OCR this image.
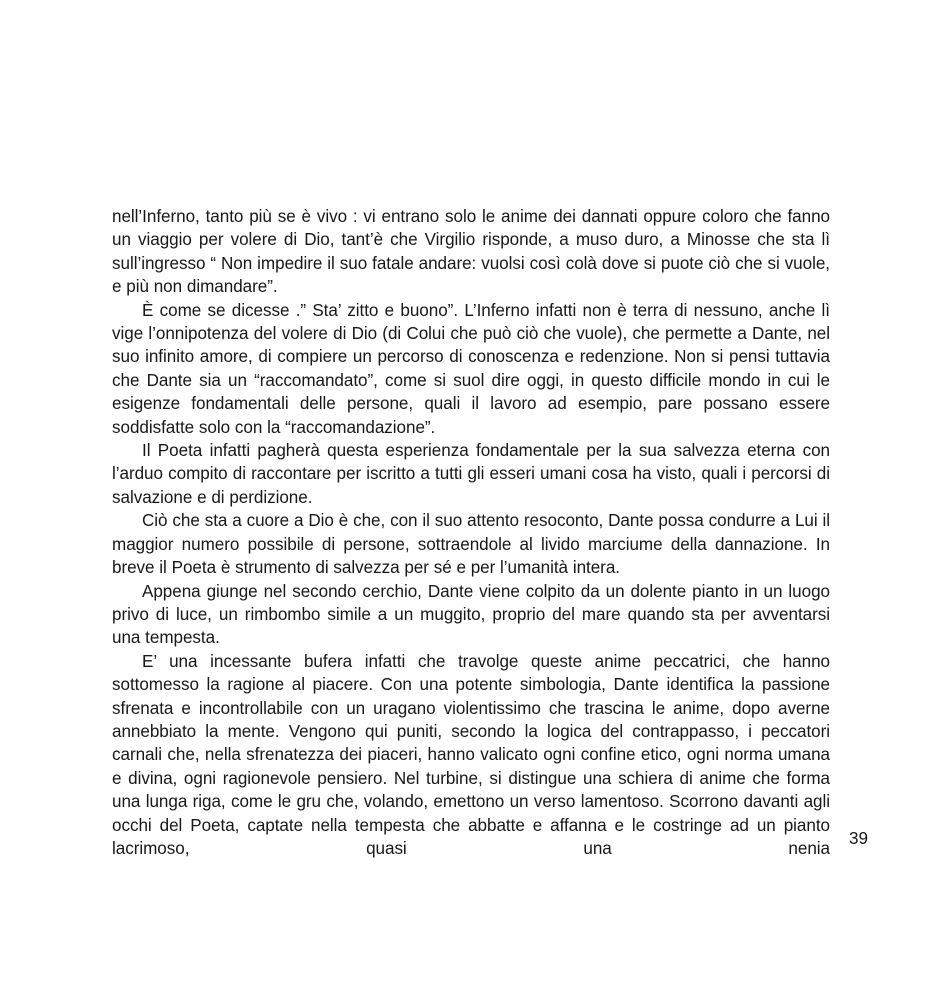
nell’Inferno, tanto più se è vivo : vi entrano solo le anime dei dannati oppure coloro che fanno un viaggio per volere di Dio, tant’è che Virgilio risponde, a muso duro, a Minosse che sta lì sull’ingresso “ Non impedire il suo fatale andare: vuolsi così colà dove si puote ciò che si vuole, e più non dimandare”.

È come se dicesse .” Sta’ zitto e buono”. L’Inferno infatti non è terra di nessuno, anche lì vige l’onnipotenza del volere di Dio (di Colui che può ciò che vuole), che permette a Dante, nel suo infinito amore, di compiere un percorso di conoscenza e redenzione. Non si pensi tuttavia che Dante sia un “raccomandato”, come si suol dire oggi, in questo difficile mondo in cui le esigenze fondamentali delle persone, quali il lavoro ad esempio, pare possano essere soddisfatte solo con la “raccomandazione”.

Il Poeta infatti pagherà questa esperienza fondamentale per la sua salvezza eterna con l’arduo compito di raccontare per iscritto a tutti gli esseri umani cosa ha visto, quali i percorsi di salvazione e di perdizione.

Ciò che sta a cuore a Dio è che, con il suo attento resoconto, Dante possa condurre a Lui il maggior numero possibile di persone, sottraendole al livido marciume della dannazione. In breve il Poeta è strumento di salvezza per sé e per l’umanità intera.

Appena giunge nel secondo cerchio, Dante viene colpito da un dolente pianto in un luogo privo di luce, un rimbombo simile a un muggito, proprio del mare quando sta per avventarsi una tempesta.

E’ una incessante bufera infatti che travolge queste anime peccatrici, che hanno sottomesso la ragione al piacere. Con una potente simbologia, Dante identifica la passione sfrenata e incontrollabile con un uragano violentissimo che trascina le anime, dopo averne annebbiato la mente. Vengono qui puniti, secondo la logica del contrappasso, i peccatori carnali che, nella sfrenatezza dei piaceri, hanno valicato ogni confine etico, ogni norma umana e divina, ogni ragionevole pensiero. Nel turbine, si distingue una schiera di anime che forma una lunga riga, come le gru che, volando, emettono un verso lamentoso. Scorrono davanti agli occhi del Poeta, captate nella tempesta che abbatte e affanna e le costringe ad un pianto lacrimoso, quasi una nenia

39
